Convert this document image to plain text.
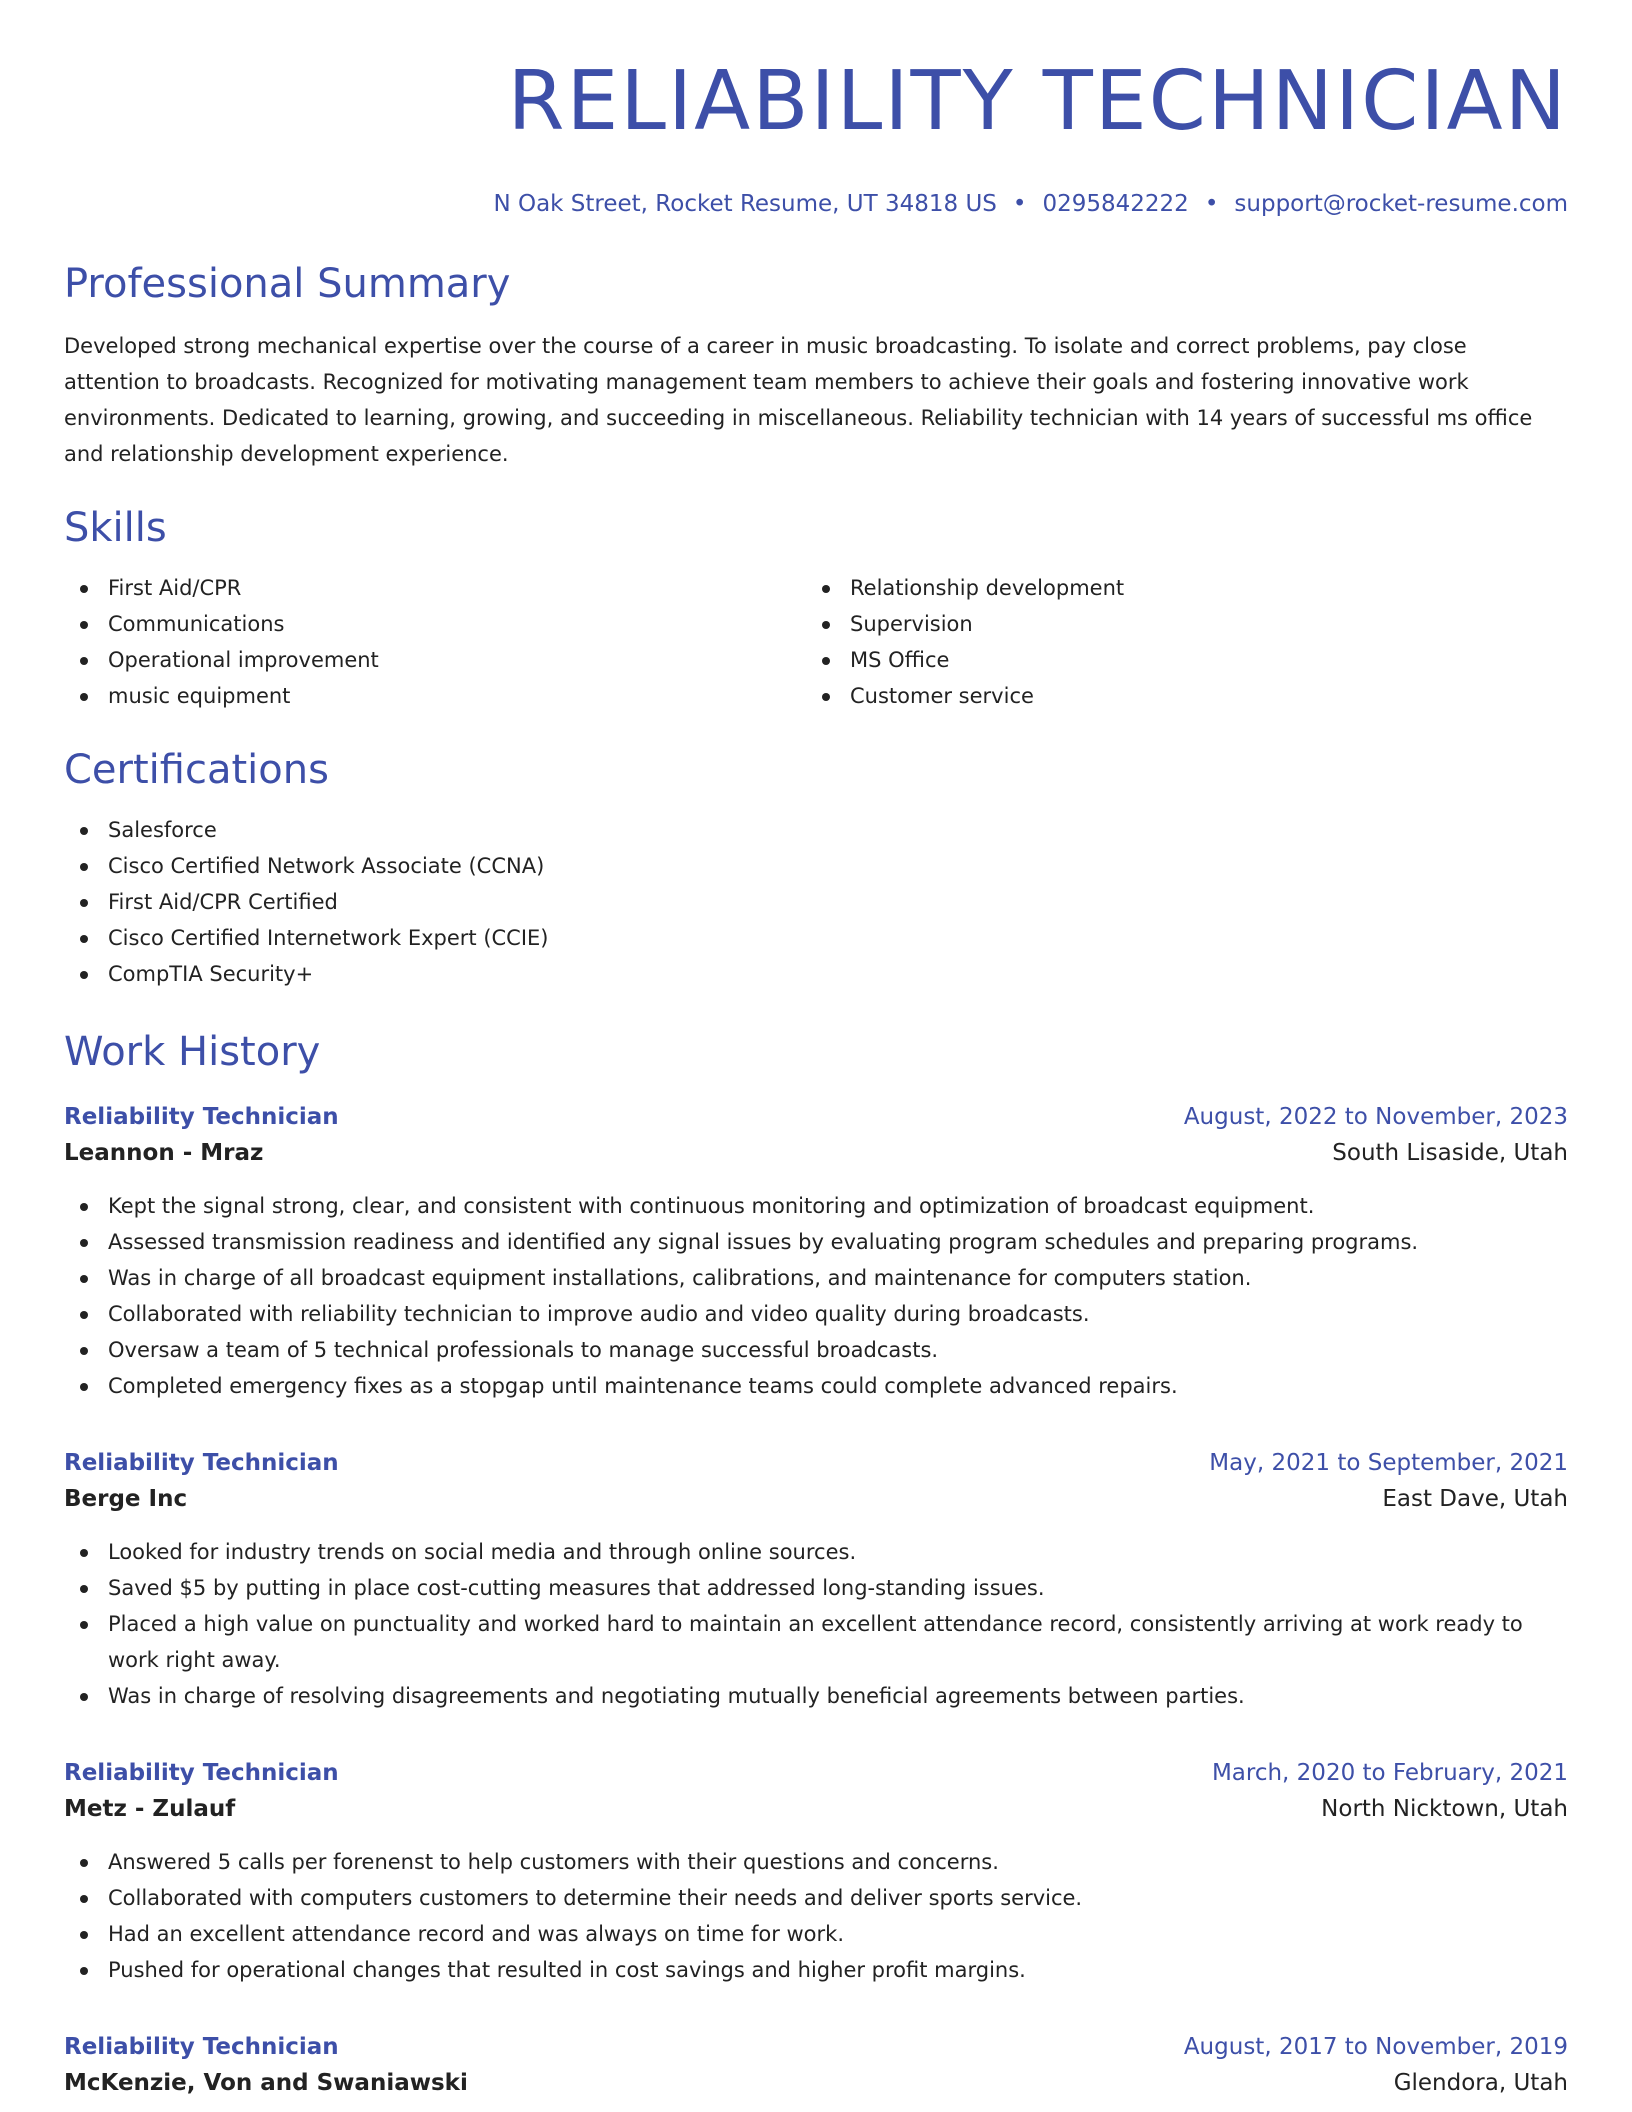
RELIABILITY TECHNICIAN
N Oak Street, Rocket Resume, UT 34818 US • 0295842222 • support@rocket-resume.com
Professional Summary

Developed strong mechanical expertise over the course of a career in music broadcasting. To isolate and correct problems, pay close attention to broadcasts. Recognized for motivating management team members to achieve their goals and fostering innovative work environments. Dedicated to learning, growing, and succeeding in miscellaneous. Reliability technician with 14 years of successful ms office and relationship development experience.

Skills
First Aid/CPR
Communications
Operational improvement
music equipment
Relationship development
Supervision
MS Office
Customer service
Certifications
Salesforce
Cisco Certified Network Associate (CCNA)
First Aid/CPR Certified
Cisco Certified Internetwork Expert (CCIE)
CompTIA Security+
Work History
Reliability Technician	August, 2022 to November, 2023
Leannon - Mraz	South Lisaside, Utah
Kept the signal strong, clear, and consistent with continuous monitoring and optimization of broadcast equipment.
Assessed transmission readiness and identified any signal issues by evaluating program schedules and preparing programs.
Was in charge of all broadcast equipment installations, calibrations, and maintenance for computers station.
Collaborated with reliability technician to improve audio and video quality during broadcasts.
Oversaw a team of 5 technical professionals to manage successful broadcasts.
Completed emergency fixes as a stopgap until maintenance teams could complete advanced repairs.
Reliability Technician	May, 2021 to September, 2021
Berge Inc	East Dave, Utah
Looked for industry trends on social media and through online sources.
Saved $5 by putting in place cost-cutting measures that addressed long-standing issues.
Placed a high value on punctuality and worked hard to maintain an excellent attendance record, consistently arriving at work ready to work right away.
Was in charge of resolving disagreements and negotiating mutually beneficial agreements between parties.
Reliability Technician	March, 2020 to February, 2021
Metz - Zulauf	North Nicktown, Utah
Answered 5 calls per forenenst to help customers with their questions and concerns.
Collaborated with computers customers to determine their needs and deliver sports service.
Had an excellent attendance record and was always on time for work.
Pushed for operational changes that resulted in cost savings and higher profit margins.
Reliability Technician	August, 2017 to November, 2019
McKenzie, Von and Swaniawski	Glendora, Utah
